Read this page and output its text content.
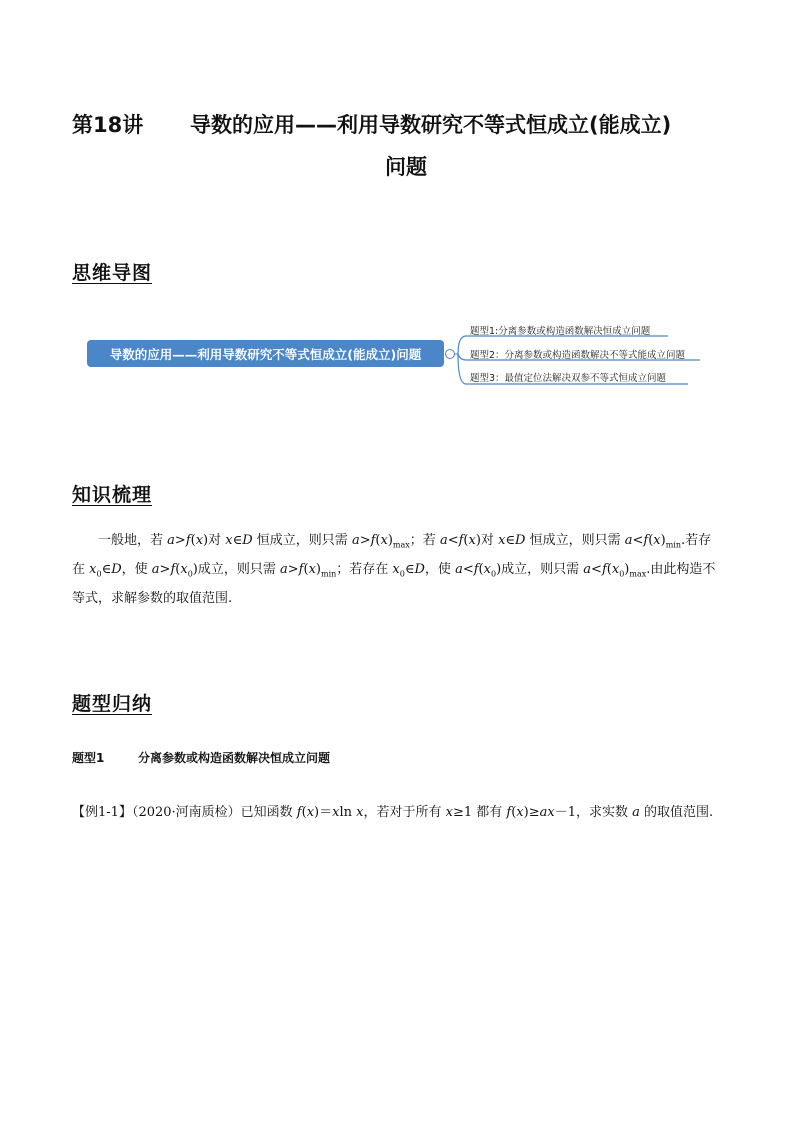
第18讲	导数的应用——利用导数研究不等式恒成立(能成立)
问题
思维导图
导数的应用——利用导数研究不等式恒成立(能成立)问题
题型1:分离参数或构造函数解决恒成立问题
题型2：分离参数或构造函数解决不等式能成立问题
题型3：最值定位法解决双参不等式恒成立问题
知识梳理
一般地，若 a>f(x)对 x∈D 恒成立，则只需 $a>f(x)_{max}$；若 a<f(x)对 x∈D 恒成立，则只需 $a<f(x)_{min}$.若存在 $x_0\in D$，使 $a>f(x_0)$成立，则只需 $a>f(x)_{min}$；若存在 $x_0\in D$，使 $a<f(x_0)$成立，则只需 $a<f(x_0)_{max}$.由此构造不等式，求解参数的取值范围.
题型归纳
题型1	分离参数或构造函数解决恒成立问题
【例1-1】（2020·河南质检）已知函数 f(x)＝xln x，若对于所有 x≥1 都有 f(x)≥ax－1，求实数 a 的取值范围.
